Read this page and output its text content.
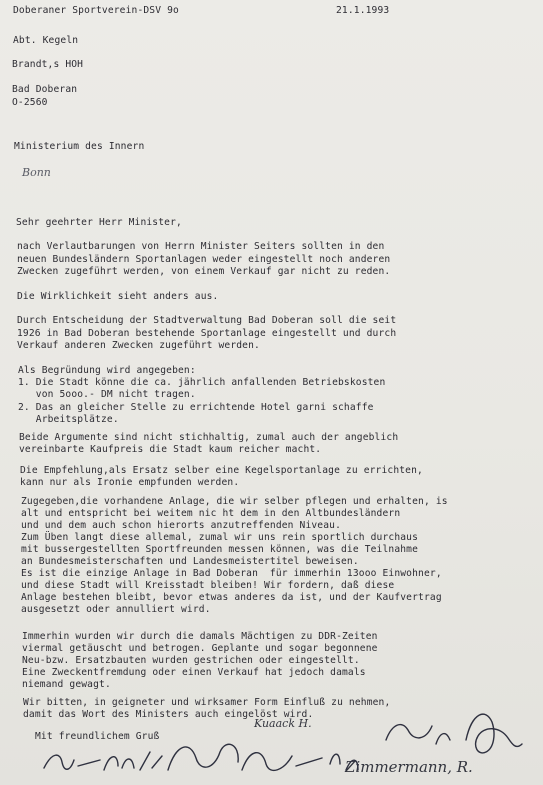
Doberaner Sportverein-DSV 9o	21.1.1993
Abt. Kegeln
Brandt,s HOH
Bad Doberan
O-2560
Ministerium des Innern
Bonn
Sehr geehrter Herr Minister,
nach Verlautbarungen von Herrn Minister Seiters sollten in den
neuen Bundesländern Sportanlagen weder eingestellt noch anderen
Zwecken zugeführt werden, von einem Verkauf gar nicht zu reden.
Die Wirklichkeit sieht anders aus.
Durch Entscheidung der Stadtverwaltung Bad Doberan soll die seit
1926 in Bad Doberan bestehende Sportanlage eingestellt und durch
Verkauf anderen Zwecken zugeführt werden.
Als Begründung wird angegeben:
1. Die Stadt könne die ca. jährlich anfallenden Betriebskosten
von 5ooo.- DM nicht tragen.
2. Das an gleicher Stelle zu errichtende Hotel garni schaffe
Arbeitsplätze.
Beide Argumente sind nicht stichhaltig, zumal auch der angeblich
vereinbarte Kaufpreis die Stadt kaum reicher macht.
Die Empfehlung,als Ersatz selber eine Kegelsportanlage zu errichten,
kann nur als Ironie empfunden werden.
Zugegeben,die vorhandene Anlage, die wir selber pflegen und erhalten, is
alt und entspricht bei weitem nic ht dem in den Altbundesländern
und und dem auch schon hierorts anzutreffenden Niveau.
Zum Üben langt diese allemal, zumal wir uns rein sportlich durchaus
mit bussergestellten Sportfreunden messen können, was die Teilnahme
an Bundesmeisterschaften und Landesmeistertitel beweisen.
Es ist die einzige Anlage in Bad Doberan  für immerhin 13ooo Einwohner,
und diese Stadt will Kreisstadt bleiben! Wir fordern, daß diese
Anlage bestehen bleibt, bevor etwas anderes da ist, und der Kaufvertrag
ausgesetzt oder annulliert wird.
Immerhin wurden wir durch die damals Mächtigen zu DDR-Zeiten
viermal getäuscht und betrogen. Geplante und sogar begonnene
Neu-bzw. Ersatzbauten wurden gestrichen oder eingestellt.
Eine Zweckentfremdung oder einen Verkauf hat jedoch damals
niemand gewagt.
Wir bitten, in geigneter und wirksamer Form Einfluß zu nehmen,
damit das Wort des Ministers auch eingelöst wird.
Mit freundlichem Gruß
Kuaack H.
Zimmermann, R.
